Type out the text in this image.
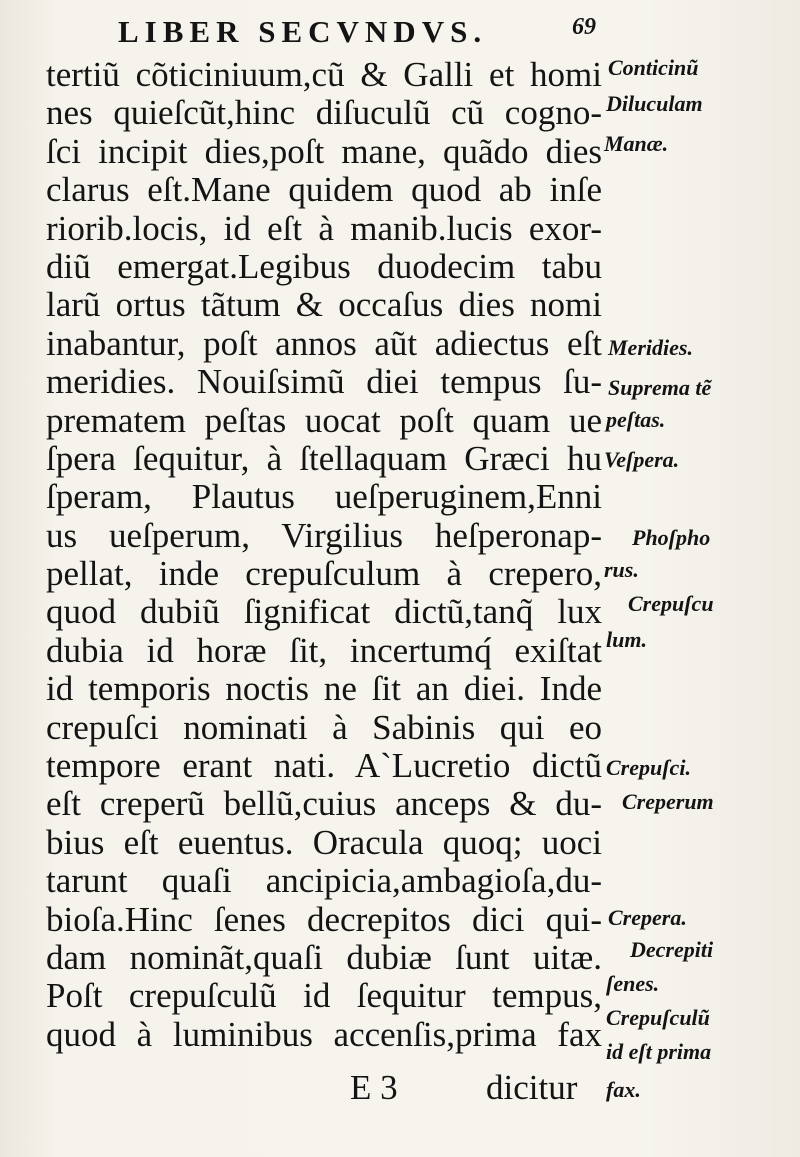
LIBER SECVNDVS.	69
tertiũ cõticiniuum,cũ & Galli et homi
nes quieſcũt,hinc diſuculũ cũ cogno-
ſci incipit dies,poſt mane, quãdo dies
clarus eſt.Mane quidem quod ab inſe
riorib.locis, id eſt à manib.lucis exor-
diũ emergat.Legibus duodecim tabu
larũ ortus tãtum & occaſus dies nomi
inabantur, poſt annos aũt adiectus eſt
meridies. Nouiſsimũ diei tempus ſu-
prematem peſtas uocat poſt quam ue
ſpera ſequitur, à ſtellaquam Græci hu
ſperam, Plautus ueſperuginem,Enni
us ueſperum, Virgilius heſperonap-
pellat, inde crepuſculum à crepero,
quod dubiũ ſignificat dictũ,tanq̃ lux
dubia id horæ ſit, incertumq́ exiſtat
id temporis noctis ne ſit an diei. Inde
crepuſci nominati à Sabinis qui eo
tempore erant nati. A`Lucretio dictũ
eſt creperũ bellũ,cuius anceps & du-
bius eſt euentus. Oracula quoq; uoci
tarunt quaſi ancipicia,ambagioſa,du-
bioſa.Hinc ſenes decrepitos dici qui-
dam nominãt,quaſi dubiæ ſunt uitæ.
Poſt crepuſculũ id ſequitur tempus,
quod à luminibus accenſis,prima fax
Conticinũ
Diluculam
Manæ.
Meridies.
Suprema tẽ
peſtas.
Veſpera.
Phoſpho
rus.
Crepuſcu
lum.
Crepuſci.
Creperum
Crepera.
Decrepiti
ſenes.
Crepuſculũ
id eſt prima
fax.
E 3	dicitur
